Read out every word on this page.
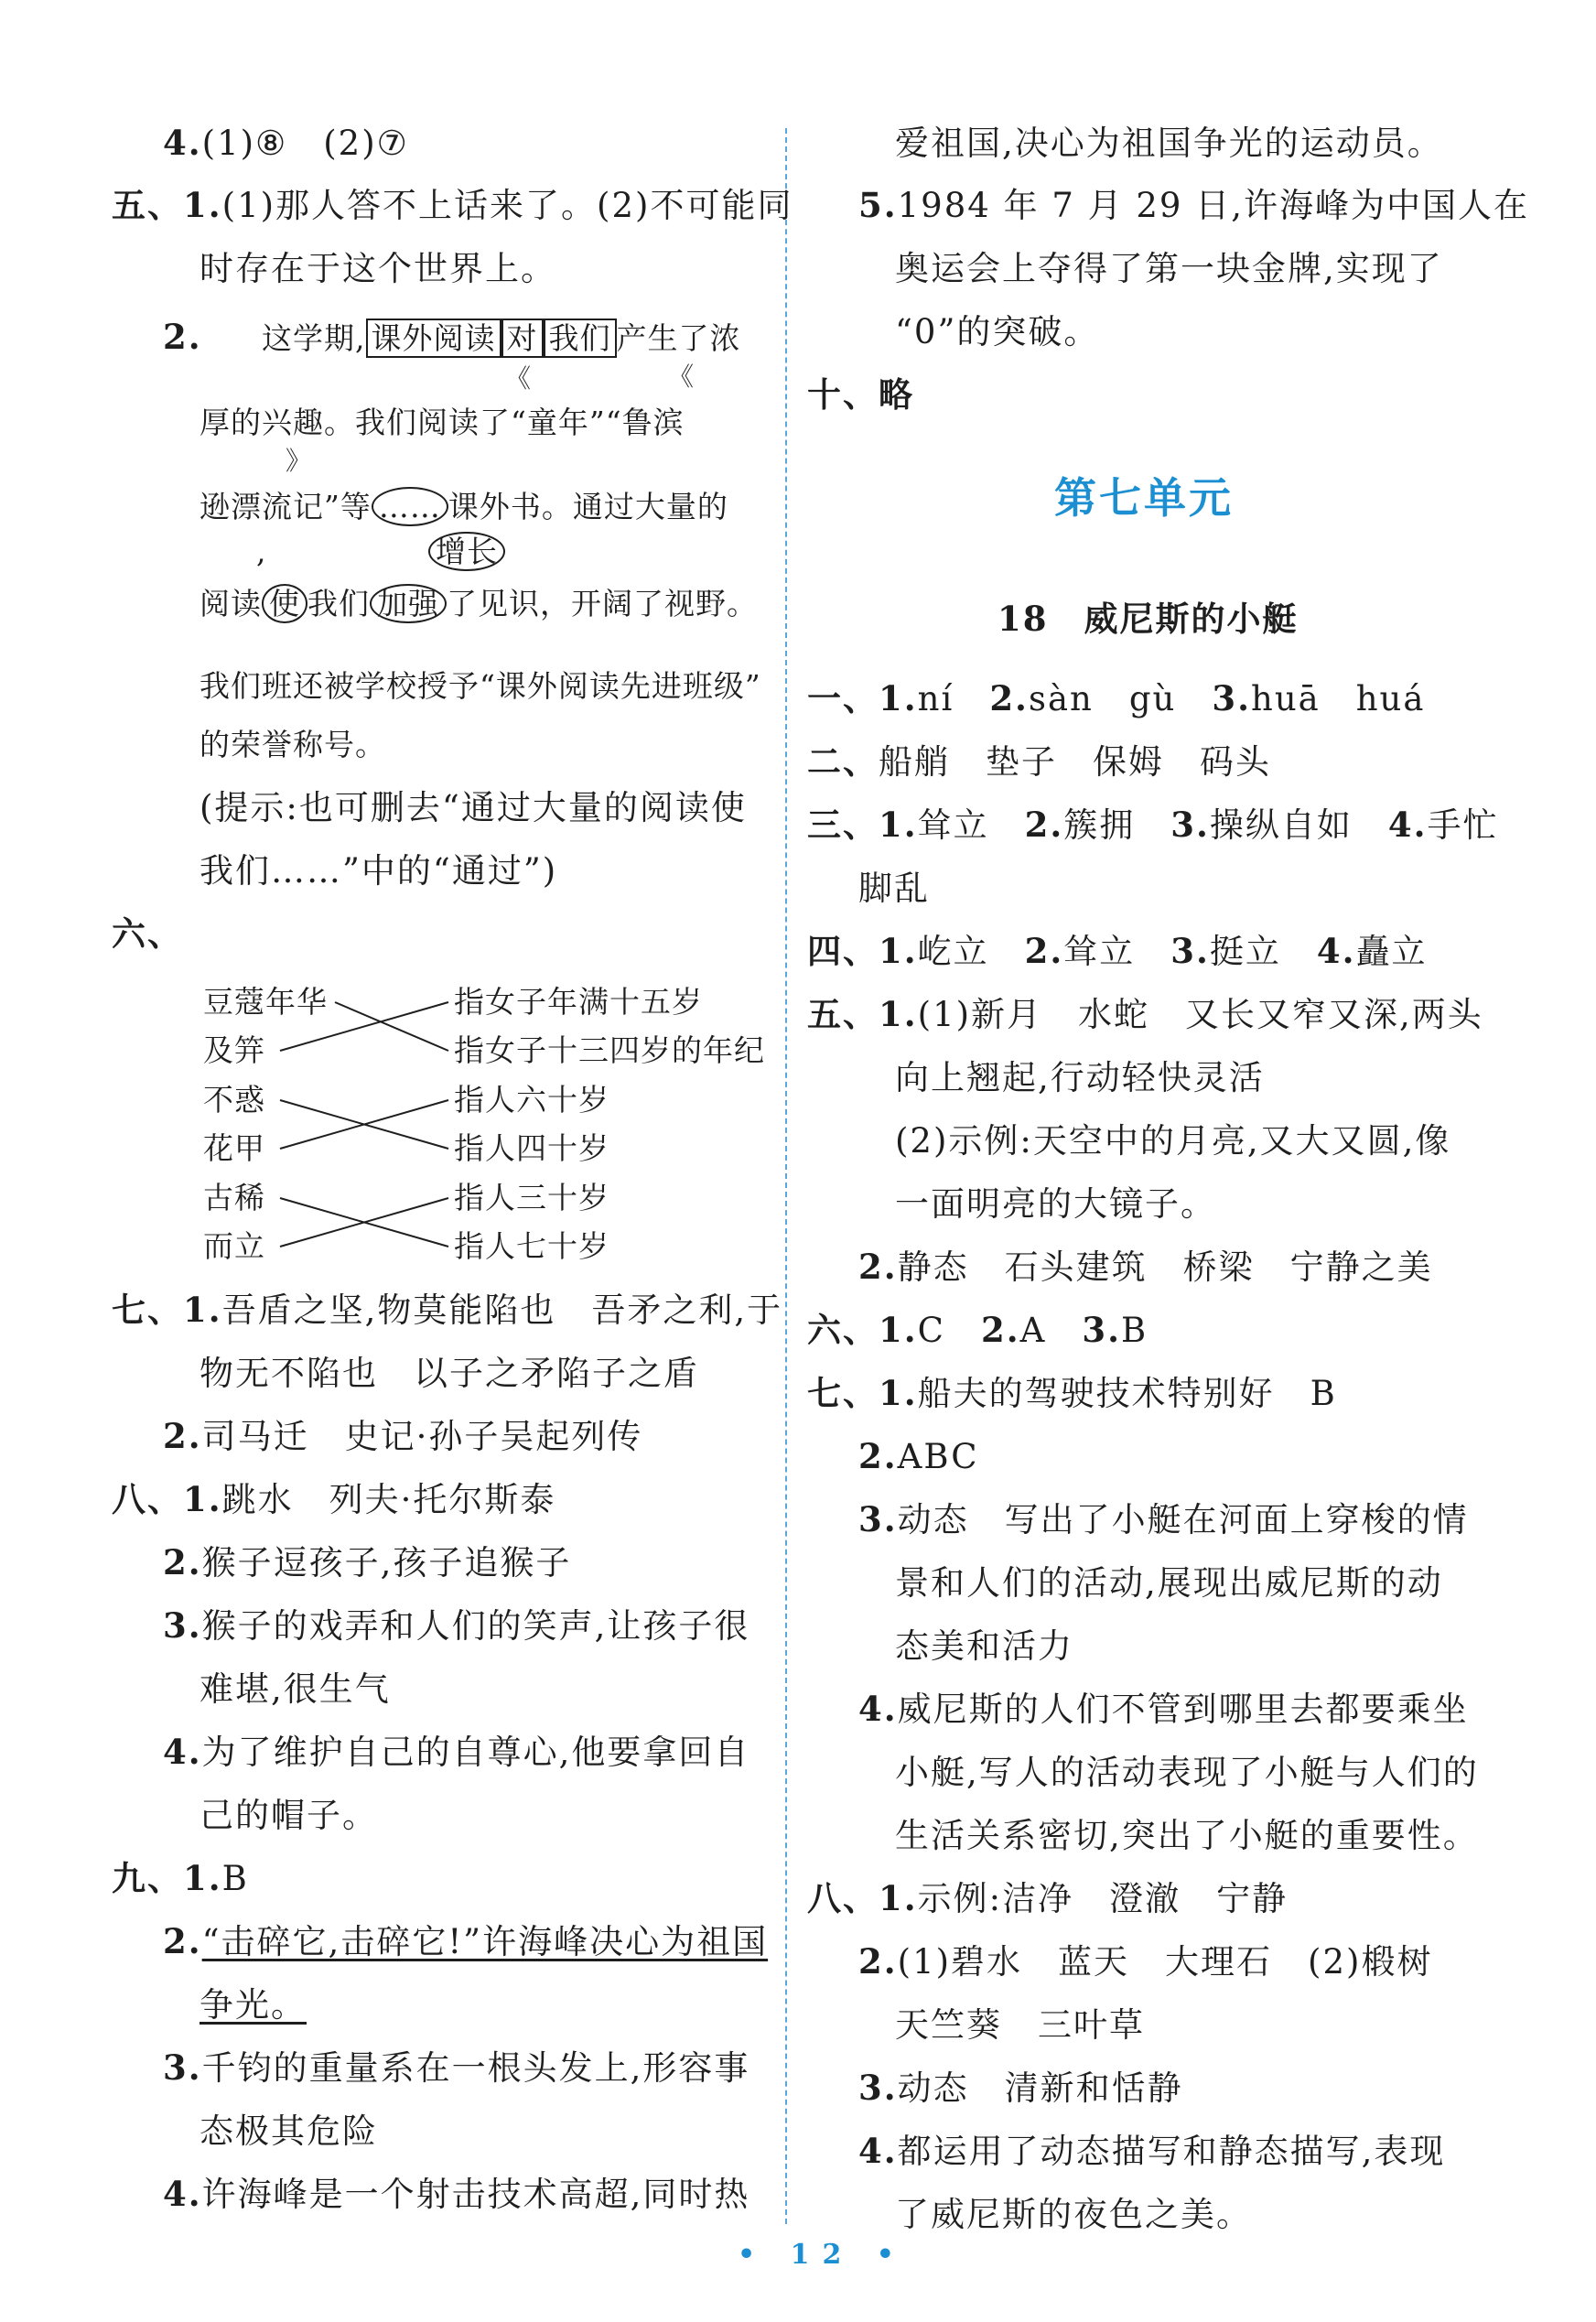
4.(1)⑧　(2)⑦
五、1.(1)那人答不上话来了。(2)不可能同
时存在于这个世界上。
2. 这学期, 课外阅读 对 我们 产生了浓
《	《
厚的兴趣。我们阅读了“童年”“鲁滨
》
逊漂流记”等 …… 课外书。通过大量的
,	增长
阅读 使 我们 加强 了见识，开阔了视野。
我们班还被学校授予“课外阅读先进班级”
的荣誉称号。
(提示:也可删去“通过大量的阅读使
我们……”中的“通过”)
六、
豆蔻年华
及笄
不惑
花甲
古稀
而立
指女子年满十五岁
指女子十三四岁的年纪
指人六十岁
指人四十岁
指人三十岁
指人七十岁
七、1.吾盾之坚,物莫能陷也　吾矛之利,于
物无不陷也　以子之矛陷子之盾
2.司马迁　史记·孙子吴起列传
八、1.跳水　列夫·托尔斯泰
2.猴子逗孩子,孩子追猴子
3.猴子的戏弄和人们的笑声,让孩子很
难堪,很生气
4.为了维护自己的自尊心,他要拿回自
己的帽子。
九、1.B
2.“击碎它,击碎它!”许海峰决心为祖国
争光。
3.千钧的重量系在一根头发上,形容事
态极其危险
4.许海峰是一个射击技术高超,同时热
爱祖国,决心为祖国争光的运动员。
5.1984 年 7 月 29 日,许海峰为中国人在
奥运会上夺得了第一块金牌,实现了
“0”的突破。
十、略
第七单元
18　威尼斯的小艇
一、1.ní　2.sàn　gù　3.huā　huá
二、船艄　垫子　保姆　码头
三、1.耸立　2.簇拥　3.操纵自如　4.手忙
脚乱
四、1.屹立　2.耸立　3.挺立　4.矗立
五、1.(1)新月　水蛇　又长又窄又深,两头
向上翘起,行动轻快灵活
(2)示例:天空中的月亮,又大又圆,像
一面明亮的大镜子。
2.静态　石头建筑　桥梁　宁静之美
六、1.C　2.A　3.B
七、1.船夫的驾驶技术特别好　B
2.ABC
3.动态　写出了小艇在河面上穿梭的情
景和人们的活动,展现出威尼斯的动
态美和活力
4.威尼斯的人们不管到哪里去都要乘坐
小艇,写人的活动表现了小艇与人们的
生活关系密切,突出了小艇的重要性。
八、1.示例:洁净　澄澈　宁静
2.(1)碧水　蓝天　大理石　(2)椴树
天竺葵　三叶草
3.动态　清新和恬静
4.都运用了动态描写和静态描写,表现
了威尼斯的夜色之美。
• 12 •
